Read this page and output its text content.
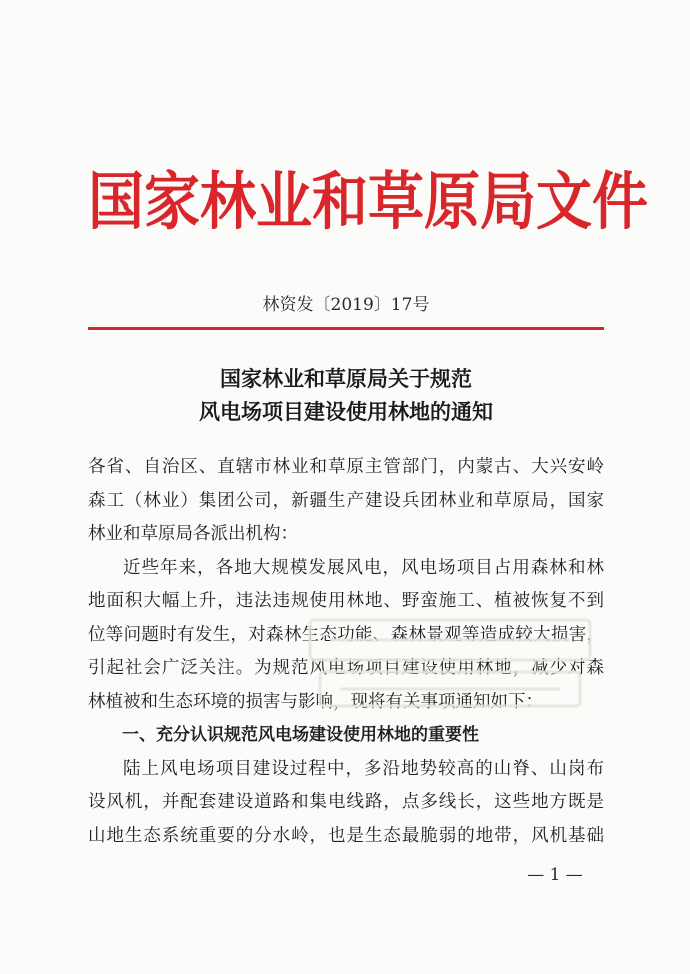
国家林业和草原局文件
林资发〔2019〕17号
国家林业和草原局关于规范
风电场项目建设使用林地的通知
各省、自治区、直辖市林业和草原主管部门，内蒙古、大兴安岭
森工（林业）集团公司，新疆生产建设兵团林业和草原局，国家
林业和草原局各派出机构：
近些年来，各地大规模发展风电，风电场项目占用森林和林
地面积大幅上升，违法违规使用林地、野蛮施工、植被恢复不到
位等问题时有发生，对森林生态功能、森林景观等造成较大损害，
引起社会广泛关注。为规范风电场项目建设使用林地，减少对森
林植被和生态环境的损害与影响，现将有关事项通知如下：
一、充分认识规范风电场建设使用林地的重要性
陆上风电场项目建设过程中，多沿地势较高的山脊、山岗布
设风机，并配套建设道路和集电线路，点多线长，这些地方既是
山地生态系统重要的分水岭，也是生态最脆弱的地带，风机基础
— 1 —
